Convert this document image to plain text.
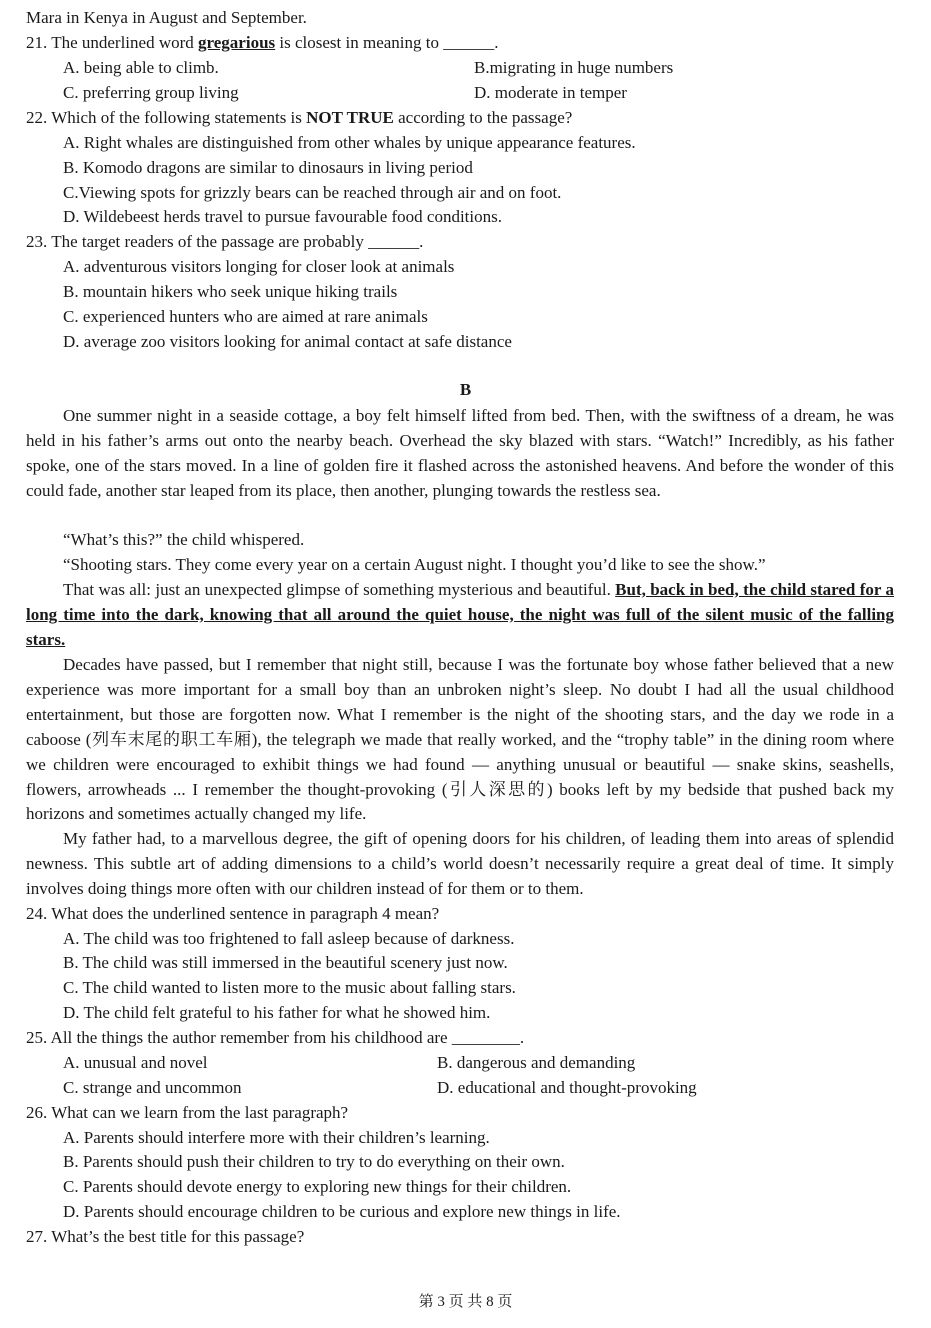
Mara in Kenya in August and September.
21. The underlined word gregarious is closest in meaning to ______.
A. being able to climb.	B.migrating in huge numbers
C. preferring group living	D. moderate in temper
22. Which of the following statements is NOT TRUE according to the passage?
A. Right whales are distinguished from other whales by unique appearance features.
B. Komodo dragons are similar to dinosaurs in living period
C.Viewing spots for grizzly bears can be reached through air and on foot.
D. Wildebeest herds travel to pursue favourable food conditions.
23. The target readers of the passage are probably ______.
A. adventurous visitors longing for closer look at animals
B. mountain hikers who seek unique hiking trails
C. experienced hunters who are aimed at rare animals
D. average zoo visitors looking for animal contact at safe distance
B
One summer night in a seaside cottage, a boy felt himself lifted from bed. Then, with the swiftness of a dream, he was held in his father’s arms out onto the nearby beach. Overhead the sky blazed with stars. “Watch!” Incredibly, as his father spoke, one of the stars moved. In a line of golden fire it flashed across the astonished heavens. And before the wonder of this could fade, another star leaped from its place, then another, plunging towards the restless sea.
“What’s this?” the child whispered.
“Shooting stars. They come every year on a certain August night. I thought you’d like to see the show.”
That was all: just an unexpected glimpse of something mysterious and beautiful. But, back in bed, the child stared for a long time into the dark, knowing that all around the quiet house, the night was full of the silent music of the falling stars.
Decades have passed, but I remember that night still, because I was the fortunate boy whose father believed that a new experience was more important for a small boy than an unbroken night’s sleep. No doubt I had all the usual childhood entertainment, but those are forgotten now. What I remember is the night of the shooting stars, and the day we rode in a caboose (列车末尾的职工车厢), the telegraph we made that really worked, and the “trophy table” in the dining room where we children were encouraged to exhibit things we had found — anything unusual or beautiful — snake skins, seashells, flowers, arrowheads ... I remember the thought-provoking (引人深思的) books left by my bedside that pushed back my horizons and sometimes actually changed my life.
My father had, to a marvellous degree, the gift of opening doors for his children, of leading them into areas of splendid newness. This subtle art of adding dimensions to a child’s world doesn’t necessarily require a great deal of time. It simply involves doing things more often with our children instead of for them or to them.
24. What does the underlined sentence in paragraph 4 mean?
A. The child was too frightened to fall asleep because of darkness.
B. The child was still immersed in the beautiful scenery just now.
C. The child wanted to listen more to the music about falling stars.
D. The child felt grateful to his father for what he showed him.
25. All the things the author remember from his childhood are ________.
A. unusual and novel	B. dangerous and demanding
C. strange and uncommon	D. educational and thought-provoking
26. What can we learn from the last paragraph?
A. Parents should interfere more with their children’s learning.
B. Parents should push their children to try to do everything on their own.
C. Parents should devote energy to exploring new things for their children.
D. Parents should encourage children to be curious and explore new things in life.
27. What’s the best title for this passage?
第 3 页 共 8 页
